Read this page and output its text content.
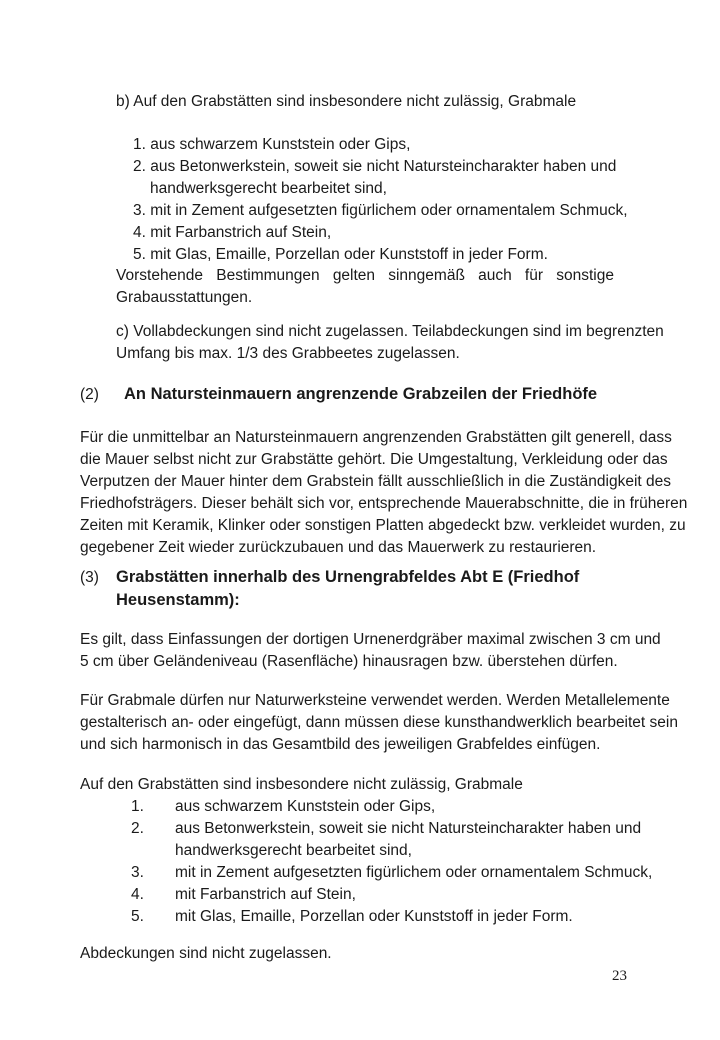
b) Auf den Grabstätten sind insbesondere nicht zulässig, Grabmale
1. aus schwarzem Kunststein oder Gips,
2. aus Betonwerkstein, soweit sie nicht Natursteincharakter haben und
handwerksgerecht bearbeitet sind,
3. mit in Zement aufgesetzten figürlichem oder ornamentalem Schmuck,
4. mit Farbanstrich auf Stein,
5. mit Glas, Emaille, Porzellan oder Kunststoff in jeder Form.
Vorstehende Bestimmungen gelten sinngemäß auch für sonstige
Grabausstattungen.
c) Vollabdeckungen sind nicht zugelassen. Teilabdeckungen sind im begrenzten
Umfang bis max. 1/3 des Grabbeetes zugelassen.
(2) An Natursteinmauern angrenzende Grabzeilen der Friedhöfe
Für die unmittelbar an Natursteinmauern angrenzenden Grabstätten gilt generell, dass
die Mauer selbst nicht zur Grabstätte gehört. Die Umgestaltung, Verkleidung oder das
Verputzen der Mauer hinter dem Grabstein fällt ausschließlich in die Zuständigkeit des
Friedhofsträgers. Dieser behält sich vor, entsprechende Mauerabschnitte, die in früheren
Zeiten mit Keramik, Klinker oder sonstigen Platten abgedeckt bzw. verkleidet wurden, zu
gegebener Zeit wieder zurückzubauen und das Mauerwerk zu restaurieren.
(3) Grabstätten innerhalb des Urnengrabfeldes Abt E (Friedhof
Heusenstamm):
Es gilt, dass Einfassungen der dortigen Urnenerdgräber maximal zwischen 3 cm und
5 cm über Geländeniveau (Rasenfläche) hinausragen bzw. überstehen dürfen.
Für Grabmale dürfen nur Naturwerksteine verwendet werden. Werden Metallelemente
gestalterisch an- oder eingefügt, dann müssen diese kunsthandwerklich bearbeitet sein
und sich harmonisch in das Gesamtbild des jeweiligen Grabfeldes einfügen.
Auf den Grabstätten sind insbesondere nicht zulässig, Grabmale
1. aus schwarzem Kunststein oder Gips,
2. aus Betonwerkstein, soweit sie nicht Natursteincharakter haben und
handwerksgerecht bearbeitet sind,
3. mit in Zement aufgesetzten figürlichem oder ornamentalem Schmuck,
4. mit Farbanstrich auf Stein,
5. mit Glas, Emaille, Porzellan oder Kunststoff in jeder Form.
Abdeckungen sind nicht zugelassen.
23
